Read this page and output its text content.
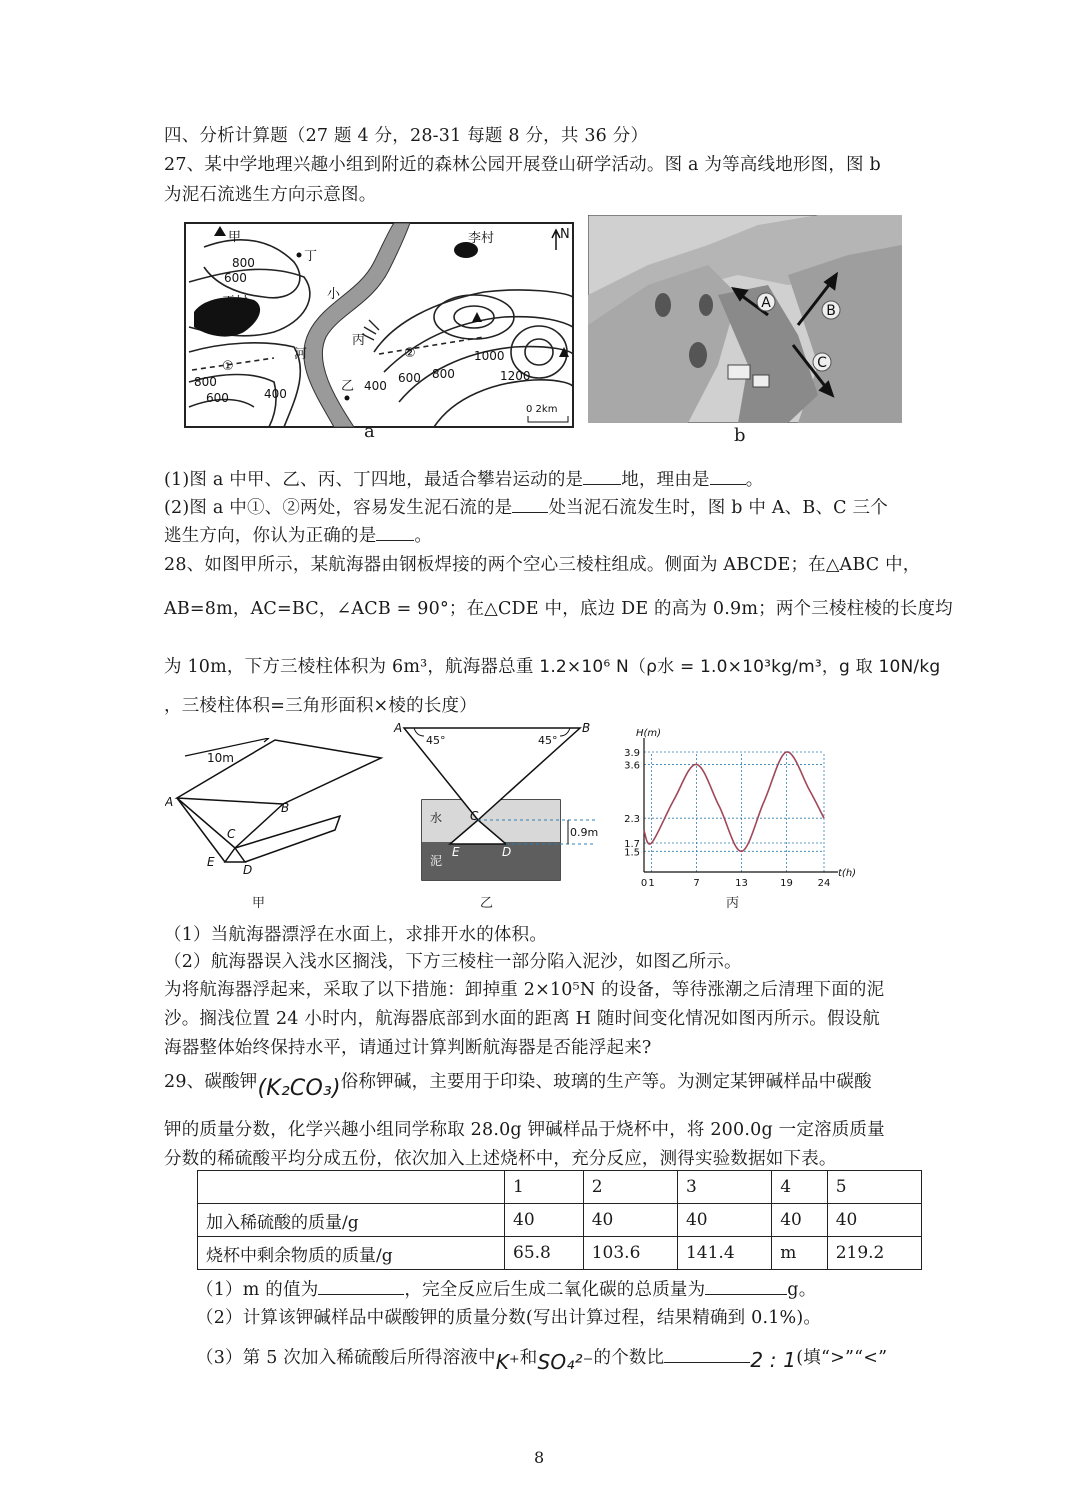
四、分析计算题（27 题 4 分，28-31 每题 8 分，共 36 分）
27、某中学地理兴趣小组到附近的森林公园开展登山研学活动。图 a 为等高线地形图，图 b
为泥石流逃生方向示意图。
甲
丁
李村
王村
小
河
丙
②
①
乙
N
800
600
800
600	400
400
600 800
1000
1200
0 2km
a
A	B
C
b
(1)图 a 中甲、乙、丙、丁四地，最适合攀岩运动的是 地，理由是 。
(2)图 a 中①、②两处，容易发生泥石流的是 处当泥石流发生时，图 b 中 A、B、C 三个
逃生方向，你认为正确的是 。
28、如图甲所示，某航海器由钢板焊接的两个空心三棱柱组成。侧面为 ABCDE；在△ABC 中，
AB=8m，AC=BC，∠ACB = 90°；在△CDE 中，底边 DE 的高为 0.9m；两个三棱柱棱的长度均
为 10m，下方三棱柱体积为 6m³，航海器总重 1.2×10⁶ N（ρ水 = 1.0×10³kg/m³，g 取 10N/kg
，三棱柱体积=三角形面积×棱的长度）
10m
A	B
C
E
D
甲
45°	45°
0.9m
水
泥
A	B
C
E	D
乙
1.5
1.7
2.3
3.6
3.9
0 1	7	13	19 24
H(m)
t(h)
丙
（1）当航海器漂浮在水面上，求排开水的体积。
（2）航海器误入浅水区搁浅，下方三棱柱一部分陷入泥沙，如图乙所示。
为将航海器浮起来，采取了以下措施：卸掉重 2×10⁵N 的设备，等待涨潮之后清理下面的泥
沙。搁浅位置 24 小时内，航海器底部到水面的距离 H 随时间变化情况如图丙所示。假设航
海器整体始终保持水平，请通过计算判断航海器是否能浮起来?
29、碳酸钾(K₂CO₃)俗称钾碱，主要用于印染、玻璃的生产等。为测定某钾碱样品中碳酸
钾的质量分数，化学兴趣小组同学称取 28.0g 钾碱样品于烧杯中，将 200.0g 一定溶质质量
分数的稀硫酸平均分成五份，依次加入上述烧杯中，充分反应，测得实验数据如下表。
	1	2	3	4	5
加入稀硫酸的质量/g	40	40	40	40	40
烧杯中剩余物质的质量/g	65.8	103.6	141.4	m	219.2
（1）m 的值为	，完全反应后生成二氧化碳的总质量为	g。
（2）计算该钾碱样品中碳酸钾的质量分数(写出计算过程，结果精确到 0.1%)。
（3）第 5 次加入稀硫酸后所得溶液中K⁺和SO₄²⁻的个数比	2 : 1(填“>”“<”
8
